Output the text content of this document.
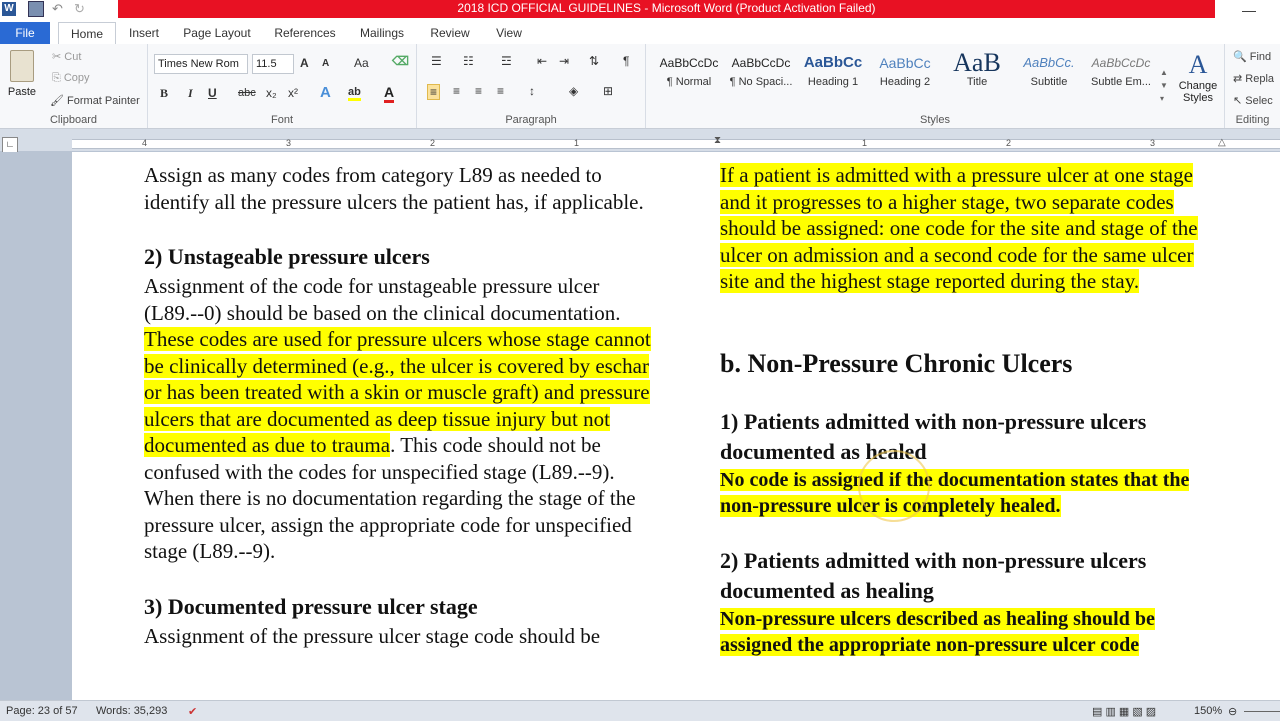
W	↶ ↻	2018 ICD OFFICIAL GUIDELINES - Microsoft Word (Product Activation Failed)	—
File	Home	Insert Page Layout References Mailings Review View
Paste
✂ Cut
⎘ Copy
🖌 Format Painter
Clipboard
Times New Rom	11.5	A A Aa ⌫
B I U abc x₂ x² A ab A
Font
☰ ☷ ☲ ⇤ ⇥ ⇅ ¶
≡ ≡ ≡ ≡ ↕	◈ ⊞
Paragraph
AaBbCcDc
¶ Normal
AaBbCcDc
¶ No Spaci...
AaBbCc
Heading 1
AaBbCc
Heading 2
AaB
Title
AaBbCc.
Subtitle
AaBbCcDc
Subtle Em...
▲
▼
▾
A
Change Styles
Styles
🔍 Find
⇄ Repla
↖ Selec
Editing
∟	4	3	2	1	⧗	1	2	3	△
Assign as many codes from category L89 as needed to identify all the pressure ulcers the patient has, if applicable.
2) Unstageable pressure ulcers
Assignment of the code for unstageable pressure ulcer (L89.--0) should be based on the clinical documentation. These codes are used for pressure ulcers whose stage cannot be clinically determined (e.g., the ulcer is covered by eschar or has been treated with a skin or muscle graft) and pressure ulcers that are documented as deep tissue injury but not documented as due to trauma. This code should not be confused with the codes for unspecified stage (L89.--9). When there is no documentation regarding the stage of the pressure ulcer, assign the appropriate code for unspecified stage (L89.--9).
3) Documented pressure ulcer stage
Assignment of the pressure ulcer stage code should be
If a patient is admitted with a pressure ulcer at one stage and it progresses to a higher stage, two separate codes should be assigned: one code for the site and stage of the ulcer on admission and a second code for the same ulcer site and the highest stage reported during the stay.
b. Non-Pressure Chronic Ulcers
1) Patients admitted with non-pressure ulcers documented as healed
No code is assigned if the documentation states that the non-pressure ulcer is completely healed.
2) Patients admitted with non-pressure ulcers documented as healing
Non-pressure ulcers described as healing should be assigned the appropriate non-pressure ulcer code
Page: 23 of 57 Words: 35,293 ✔	▤ ▥ ▦ ▧ ▨	150% ⊖
